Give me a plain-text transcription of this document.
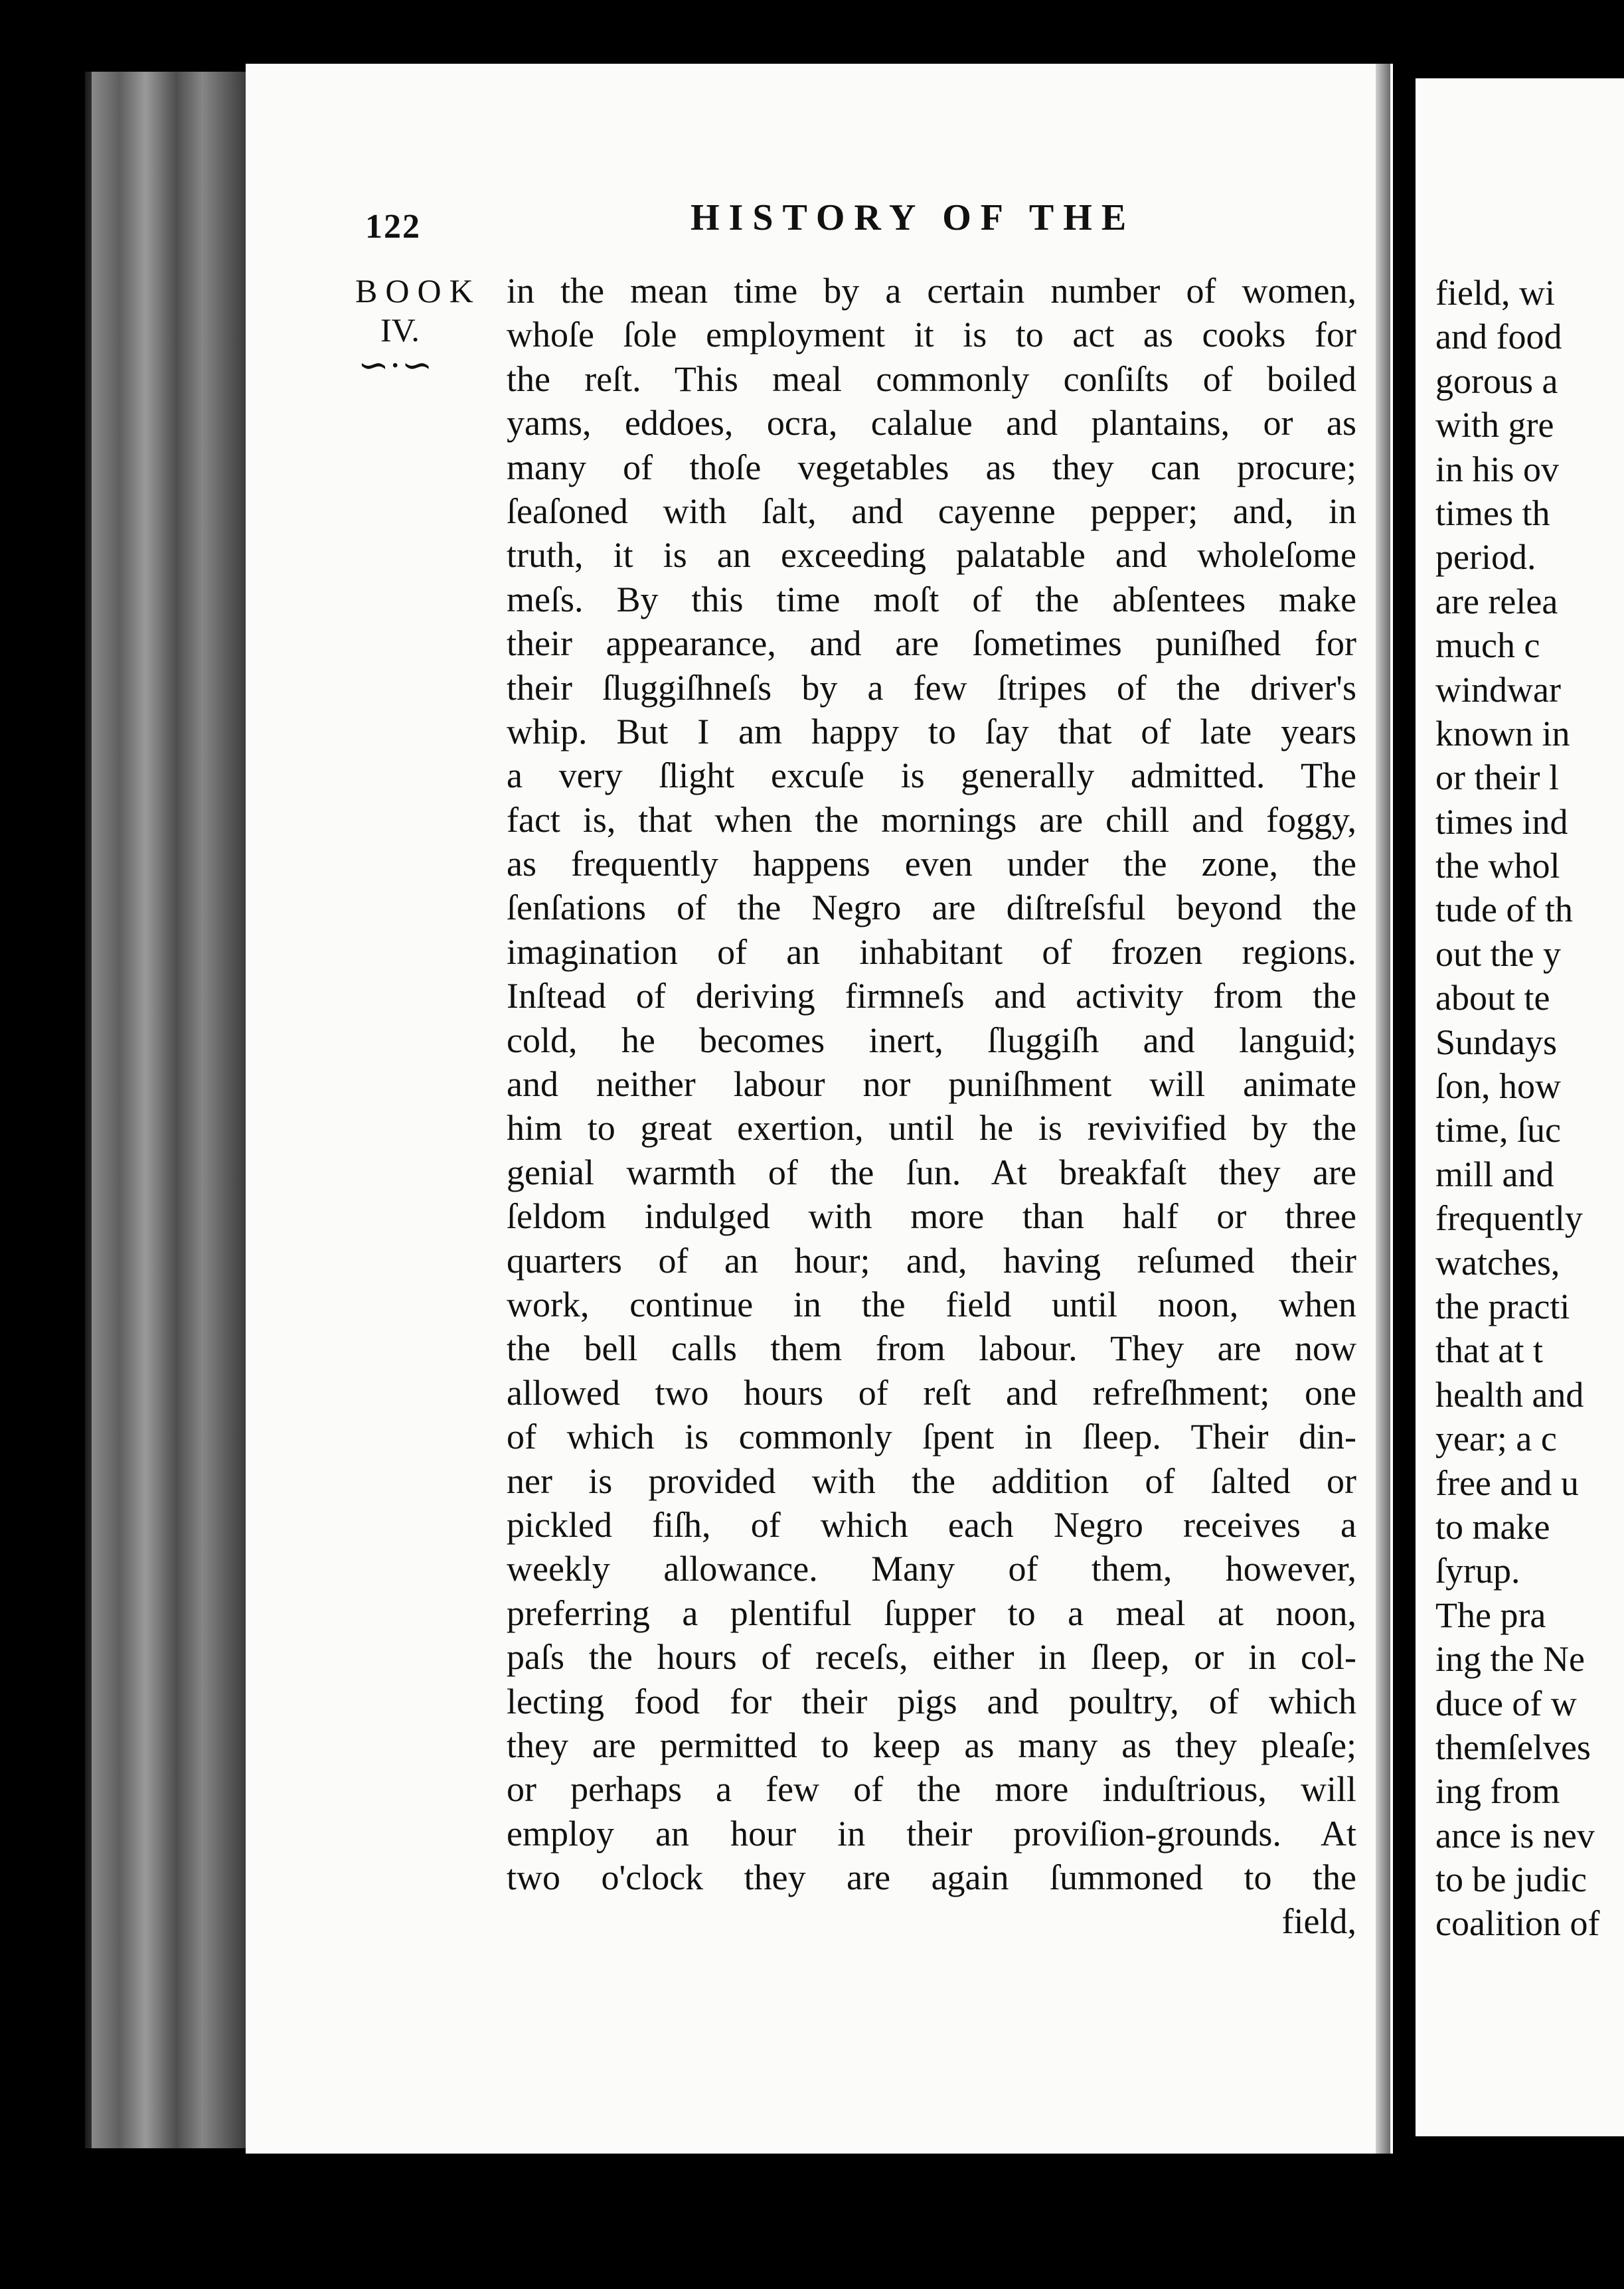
122	HISTORY OF THE
BOOK
IV.
∽·∽
in the mean time by a certain number of women,
whoſe ſole employment it is to act as cooks for
the reſt. This meal commonly conſiſts of boiled
yams, eddoes, ocra, calalue and plantains, or as
many of thoſe vegetables as they can procure;
ſeaſoned with ſalt, and cayenne pepper; and, in
truth, it is an exceeding palatable and wholeſome
meſs. By this time moſt of the abſentees make
their appearance, and are ſometimes puniſhed for
their ſluggiſhneſs by a few ſtripes of the driver's
whip. But I am happy to ſay that of late years
a very ſlight excuſe is generally admitted. The
fact is, that when the mornings are chill and foggy,
as frequently happens even under the zone, the
ſenſations of the Negro are diſtreſsful beyond the
imagination of an inhabitant of frozen regions.
Inſtead of deriving firmneſs and activity from the
cold, he becomes inert, ſluggiſh and languid;
and neither labour nor puniſhment will animate
him to great exertion, until he is revivified by the
genial warmth of the ſun. At breakfaſt they are
ſeldom indulged with more than half or three
quarters of an hour; and, having reſumed their
work, continue in the field until noon, when
the bell calls them from labour. They are now
allowed two hours of reſt and refreſhment; one
of which is commonly ſpent in ſleep. Their din-
ner is provided with the addition of ſalted or
pickled fiſh, of which each Negro receives a
weekly allowance. Many of them, however,
preferring a plentiful ſupper to a meal at noon,
paſs the hours of receſs, either in ſleep, or in col-
lecting food for their pigs and poultry, of which
they are permitted to keep as many as they pleaſe;
or perhaps a few of the more induſtrious, will
employ an hour in their proviſion-grounds. At
two o'clock they are again ſummoned to the
field,
field, wi
and food
gorous a
with gre
in his ov
times th
period.
are relea
much c
windwar
known in
or their l
times ind
the whol
tude of th
out the y
about te
Sundays
ſon, how
time, ſuc
mill and
frequently
watches,
the practi
that at t
health and
year; a c
free and u
to make
ſyrup.
The pra
ing the Ne
duce of w
themſelves
ing from
ance is nev
to be judic
coalition of
